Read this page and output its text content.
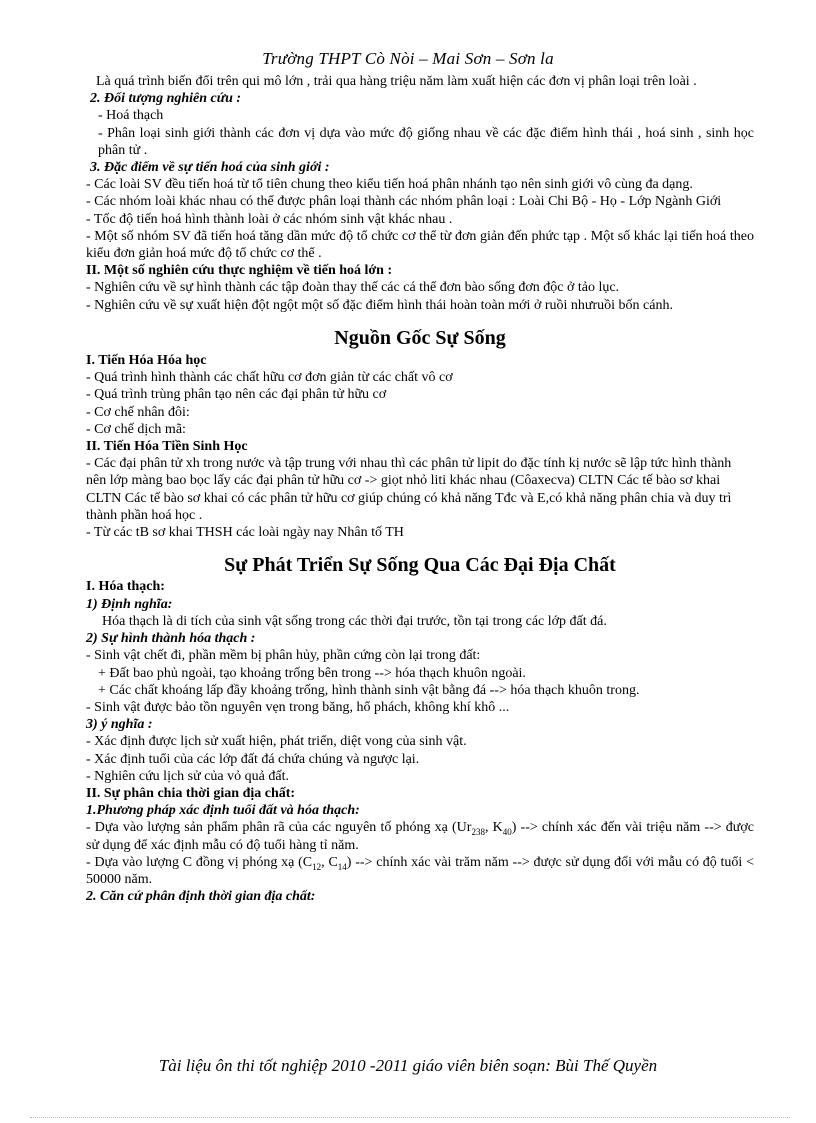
Trường THPT Cò Nòi – Mai Sơn – Sơn la

Là quá trình biến đổi trên qui mô lớn , trải qua hàng triệu năm làm xuất hiện các đơn vị phân loại trên loài .

2. Đối tượng nghiên cứu :

- Hoá thạch

- Phân loại sinh giới thành các đơn vị dựa vào mức độ giống nhau về các đặc điểm hình thái , hoá sinh , sinh học phân tử .

3. Đặc điểm về sự tiến hoá của sinh giới :

- Các loài SV đều tiến hoá từ tổ tiên chung theo kiểu tiến hoá phân nhánh tạo nên sinh giới vô cùng đa dạng.

- Các nhóm loài khác nhau có thể được phân loại thành các nhóm phân loại : Loài Chi Bộ - Họ - Lớp Ngành Giới

- Tốc độ tiến hoá hình thành loài ở các nhóm sinh vật khác nhau .

- Một số nhóm SV đã tiến hoá tăng dần mức độ tổ chức cơ thể từ đơn giản đến phức tạp . Một số khác lại tiến hoá theo kiểu đơn giản hoá mức độ tổ chức cơ thể .

II. Một số nghiên cứu thực nghiệm về tiến hoá lớn :

- Nghiên cứu về sự hình thành các tập đoàn thay thế các cá thể đơn bào sống đơn độc ở tảo lục.

- Nghiên cứu về sự xuất hiện đột ngột một số đặc điểm hình thái hoàn toàn mới ở ruồi nhưruồi bốn cánh.

Nguồn Gốc Sự Sống

I. Tiến Hóa Hóa học

- Quá trình hình thành các chất hữu cơ đơn giản từ các chất vô cơ

- Quá trình trùng phân tạo nên các đại phân tử hữu cơ

- Cơ chế nhân đôi:

- Cơ chế dịch mã:

II. Tiến Hóa Tiền Sinh Học

- Các đại phân tử xh trong nước và tập trung với nhau thì các phân tử lipit do đặc tính kị nước sẽ lập tức hình thành nên lớp màng bao bọc lấy các đại phân tử hữu cơ -> giọt nhỏ liti khác nhau (Côaxecva) CLTN Các tế bào sơ khai CLTN Các tế bào sơ khai có các phân tử hữu cơ giúp chúng có khả năng Tđc và E,có khả năng phân chia và duy trì thành phần hoá học .

- Từ các tB sơ khai THSH các loài ngày nay Nhân tố TH

Sự Phát Triển Sự Sống Qua Các Đại Địa Chất

I. Hóa thạch:

1) Định nghĩa:

Hóa thạch là di tích của sinh vật sống trong các thời đại trước, tồn tại trong các lớp đất đá.

2) Sự hình thành hóa thạch :

- Sinh vật chết đi, phần mềm bị phân hủy, phần cứng còn lại trong đất:

+ Đất bao phủ ngoài, tạo khoảng trống bên trong --> hóa thạch khuôn ngoài.

+ Các chất khoáng lấp đầy khoảng trống, hình thành sinh vật bằng đá --> hóa thạch khuôn trong.

- Sinh vật được bảo tồn nguyên vẹn trong băng, hổ phách, không khí khô ...

3) ý nghĩa :

- Xác định được lịch sử xuất hiện, phát triển, diệt vong của sinh vật.

- Xác định tuổi của các lớp đất đá chứa chúng và ngược lại.

- Nghiên cứu lịch sử của vỏ quả đất.

II. Sự phân chia thời gian địa chất:

1.Phương pháp xác định tuổi đất và hóa thạch:

- Dựa vào lượng sản phẩm phân rã của các nguyên tố phóng xạ ($Ur_{238}$, $K_{40}$) --> chính xác đến vài triệu năm --> được sử dụng để xác định mẫu có độ tuổi hàng tỉ năm.

- Dựa vào lượng C đồng vị phóng xạ ($C_{12}$, $C_{14}$) --> chính xác vài trăm năm --> được sử dụng đối với mẫu có độ tuổi < 50000 năm.

2. Căn cứ phân định thời gian địa chất:

Tài liệu ôn thi tốt nghiệp 2010 -2011 giáo viên biên soạn: Bùi Thế Quyền
